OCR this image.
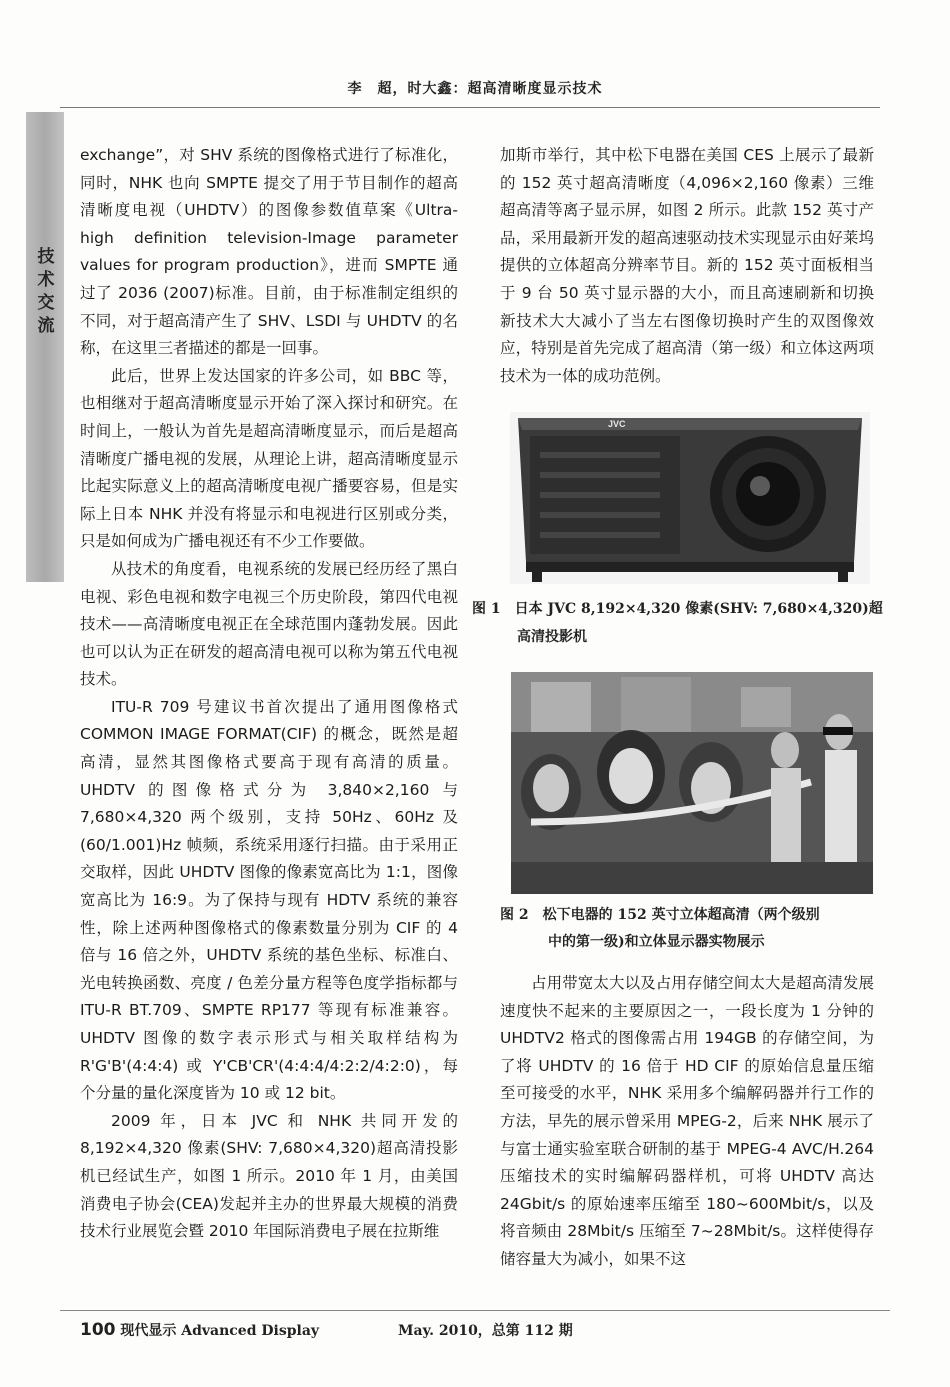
李　超，时大鑫：超高清晰度显示技术
技术交流

exchange”，对 SHV 系统的图像格式进行了标准化，同时，NHK 也向 SMPTE 提交了用于节目制作的超高清晰度电视（UHDTV）的图像参数值草案《Ultra-high definition television-Image parameter values for program production》，进而 SMPTE 通过了 2036 (2007)标准。目前，由于标准制定组织的不同，对于超高清产生了 SHV、LSDI 与 UHDTV 的名称，在这里三者描述的都是一回事。

此后，世界上发达国家的许多公司，如 BBC 等，也相继对于超高清晰度显示开始了深入探讨和研究。在时间上，一般认为首先是超高清晰度显示，而后是超高清晰度广播电视的发展，从理论上讲，超高清晰度显示比起实际意义上的超高清晰度电视广播要容易，但是实际上日本 NHK 并没有将显示和电视进行区别或分类，只是如何成为广播电视还有不少工作要做。

从技术的角度看，电视系统的发展已经历经了黑白电视、彩色电视和数字电视三个历史阶段，第四代电视技术——高清晰度电视正在全球范围内蓬勃发展。因此也可以认为正在研发的超高清电视可以称为第五代电视技术。

ITU-R 709 号建议书首次提出了通用图像格式 COMMON IMAGE FORMAT(CIF) 的概念，既然是超高清，显然其图像格式要高于现有高清的质量。UHDTV 的图像格式分为 3,840×2,160 与 7,680×4,320 两个级别，支持 50Hz、60Hz 及(60/1.001)Hz 帧频，系统采用逐行扫描。由于采用正交取样，因此 UHDTV 图像的像素宽高比为 1:1，图像宽高比为 16:9。为了保持与现有 HDTV 系统的兼容性，除上述两种图像格式的像素数量分别为 CIF 的 4 倍与 16 倍之外，UHDTV 系统的基色坐标、标准白、光电转换函数、亮度 / 色差分量方程等色度学指标都与 ITU-R BT.709、SMPTE RP177 等现有标准兼容。UHDTV 图像的数字表示形式与相关取样结构为 R'G'B'(4:4:4) 或 Y'CB'CR'(4:4:4/4:2:2/4:2:0)，每个分量的量化深度皆为 10 或 12 bit。

2009 年，日本 JVC 和 NHK 共同开发的 8,192×4,320 像素(SHV: 7,680×4,320)超高清投影机已经试生产，如图 1 所示。2010 年 1 月，由美国消费电子协会(CEA)发起并主办的世界最大规模的消费技术行业展览会暨 2010 年国际消费电子展在拉斯维

加斯市举行，其中松下电器在美国 CES 上展示了最新的 152 英寸超高清晰度（4,096×2,160 像素）三维超高清等离子显示屏，如图 2 所示。此款 152 英寸产品，采用最新开发的超高速驱动技术实现显示由好莱坞提供的立体超高分辨率节目。新的 152 英寸面板相当于 9 台 50 英寸显示器的大小，而且高速刷新和切换新技术大大减小了当左右图像切换时产生的双图像效应，特别是首先完成了超高清（第一级）和立体这两项技术为一体的成功范例。

JVC
图 1　日本 JVC 8,192×4,320 像素(SHV: 7,680×4,320)超
高清投影机
图 2　松下电器的 152 英寸立体超高清（两个级别
中的第一级)和立体显示器实物展示

占用带宽太大以及占用存储空间太大是超高清发展速度快不起来的主要原因之一，一段长度为 1 分钟的 UHDTV2 格式的图像需占用 194GB 的存储空间，为了将 UHDTV 的 16 倍于 HD CIF 的原始信息量压缩至可接受的水平，NHK 采用多个编解码器并行工作的方法，早先的展示曾采用 MPEG-2，后来 NHK 展示了与富士通实验室联合研制的基于 MPEG-4 AVC/H.264 压缩技术的实时编解码器样机，可将 UHDTV 高达 24Gbit/s 的原始速率压缩至 180~600Mbit/s，以及将音频由 28Mbit/s 压缩至 7~28Mbit/s。这样使得存储容量大为减小，如果不这

100 现代显示 Advanced Display	May. 2010，总第 112 期
